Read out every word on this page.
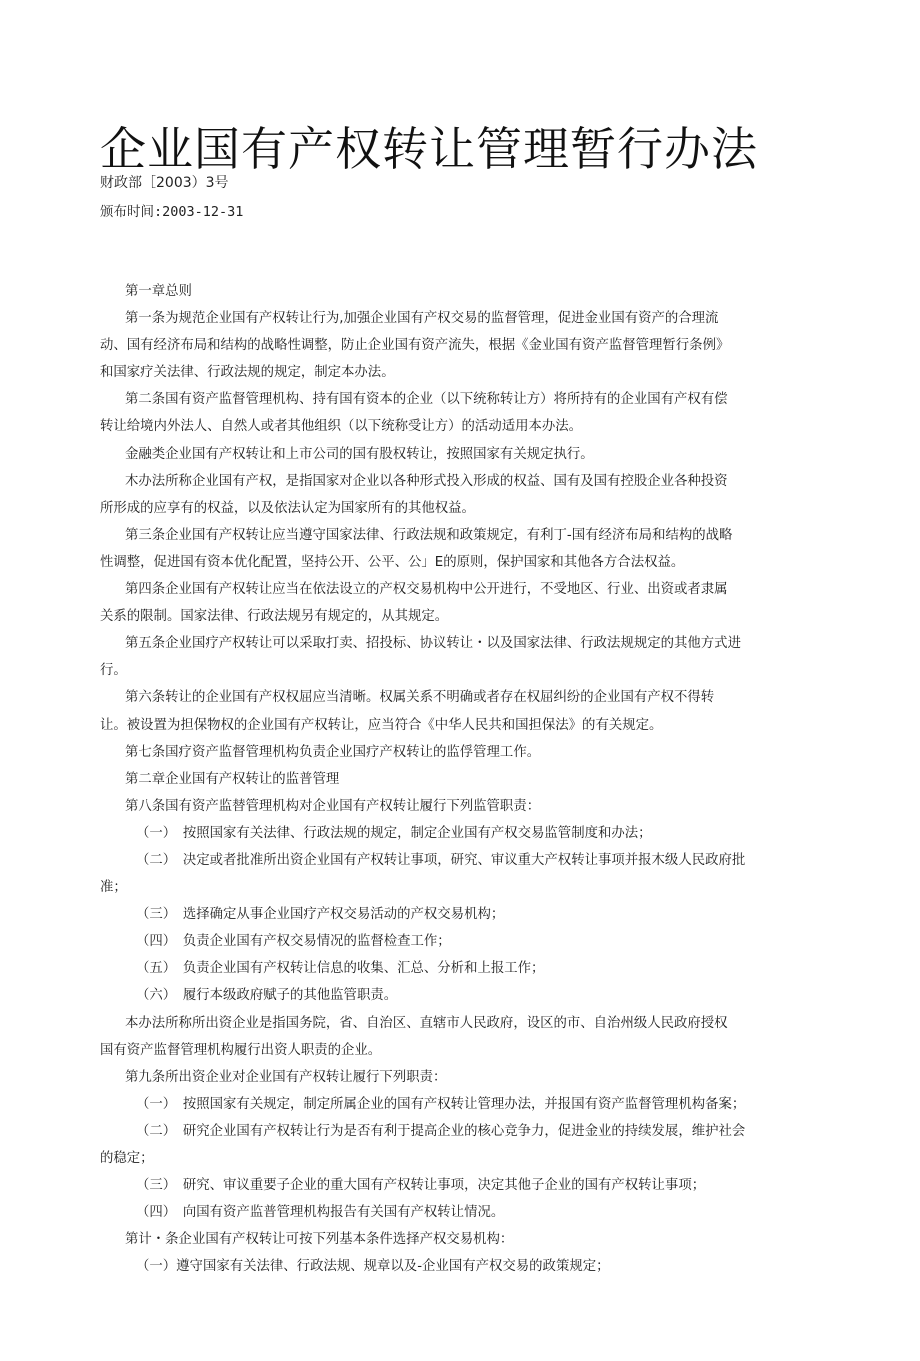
企业国有产权转让管理暂行办法
财政部［2003）3号
颁布时间:2003-12-31
第一章总则
第一条为规范企业国有产权转让行为,加强企业国有产权交易的监督管理，促进金业国有资产的合理流
动、国有经济布局和结构的战略性调整，防止企业国有资产流失，根据《金业国有资产监督管理暂行条例》
和国家疗关法律、行政法规的规定，制定本办法。
第二条国有资产监督管理机构、持有国有资本的企业（以下统称转让方）将所持有的企业国有产权有偿
转让给境内外法人、自然人或者其他组织（以下统称受让方）的活动适用本办法。
金融类企业国有产权转让和上市公司的国有股权转让，按照国家有关规定执行。
木办法所称企业国有产权，是指国家对企业以各种形式投入形成的权益、国有及国有控股企业各种投资
所形成的应享有的权益，以及依法认定为国家所有的其他权益。
第三条企业国有产权转让应当遵守国家法律、行政法规和政策规定，有利丁-国有经济布局和结构的战略
性调整，促进国有资本优化配置，坚持公开、公平、公」E的原则，保护国家和其他各方合法权益。
第四条企业国有产权转让应当在依法设立的产权交易机构中公开进行，不受地区、行业、出资或者隶属
关系的限制。国家法律、行政法规另有规定的，从其规定。
第五条企业国疗产权转让可以采取打卖、招投标、协议转让・以及国家法律、行政法规规定的其他方式进
行。
第六条转让的企业国有产权权屈应当清晰。权属关系不明确或者存在权屈纠纷的企业国有产权不得转
让。被设置为担保物权的企业国有产权转让，应当符合《中华人民共和国担保法》的有关规定。
第七条国疗资产监督管理机构负责企业国疗产权转让的监俘管理工作。
第二章企业国有产权转让的监普管理
第八条国有资产监替管理机构对企业国有产权转让履行下列监管职责：
（一）　按照国家有关法律、行政法规的规定，制定企业国有产权交易监管制度和办法；
（二）　决定或者批准所出资企业国有产权转让事项，研究、审议重大产权转让事项并报木级人民政府批
准；
（三）　选择确定从事企业国疗产权交易活动的产权交易机构；
（四）　负责企业国有产权交易情况的监督检查工作；
（五）　负责企业国有产权转让信息的收集、汇总、分析和上报工作；
（六）　履行本级政府赋子的其他监管职责。
本办法所称所出资企业是指国务院，省、自治区、直辖市人民政府，设区的市、自治州级人民政府授权
国有资产监督管理机构履行出资人职责的企业。
第九条所出资企业对企业国有产权转让履行下列职责：
（一）　按照国家有关规定，制定所属企业的国有产权转让管理办法，并报国有资产监督管理机构备案；
（二）　研究企业国有产权转让行为是否有利于提高企业的核心竞争力，促进金业的持续发展，维护社会
的稳定；
（三）　研究、审议重要子企业的重大国有产权转让事项，决定其他子企业的国有产权转让事项；
（四）　向国有资产监普管理机构报告有关国有产权转让情况。
第计・条企业国有产权转让可按下列基本条件选择产权交易机构：
（一）遵守国家有关法律、行政法规、规章以及-企业国有产权交易的政策规定；
